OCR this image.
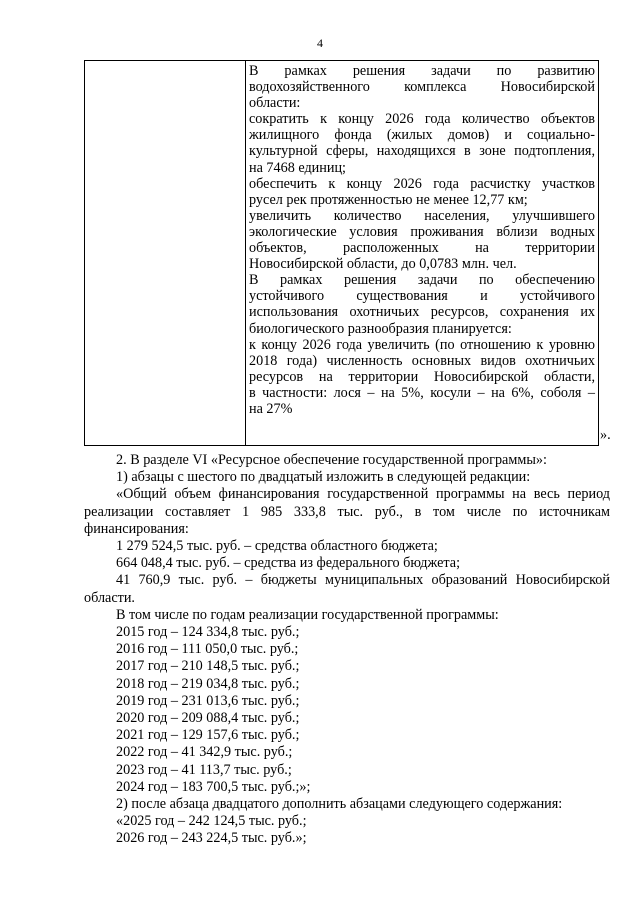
4

В рамках решения задачи по развитию

водохозяйственного комплекса Новосибирской

области:

сократить к концу 2026 года количество объектов

жилищного фонда (жилых домов) и социально-

культурной сферы, находящихся в зоне подтопления,

на 7468 единиц;

обеспечить к концу 2026 года расчистку участков

русел рек протяженностью не менее 12,77 км;

увеличить количество населения, улучшившего

экологические условия проживания вблизи водных

объектов, расположенных на территории

Новосибирской области, до 0,0783 млн. чел.

В рамках решения задачи по обеспечению

устойчивого существования и устойчивого

использования охотничьих ресурсов, сохранения их

биологического разнообразия планируется:

к концу 2026 года увеличить (по отношению к уровню

2018 года) численность основных видов охотничьих

ресурсов на территории Новосибирской области,

в частности: лося – на 5%, косули – на 6%, соболя –

на 27%

».

2. В разделе VI «Ресурсное обеспечение государственной программы»:

1) абзацы с шестого по двадцатый изложить в следующей редакции:

«Общий объем финансирования государственной программы на весь период

реализации составляет 1 985 333,8 тыс. руб., в том числе по источникам

финансирования:

1 279 524,5 тыс. руб. – средства областного бюджета;

664 048,4 тыс. руб. – средства из федерального бюджета;

41 760,9 тыс. руб. – бюджеты муниципальных образований Новосибирской

области.

В том числе по годам реализации государственной программы:

2015 год – 124 334,8 тыс. руб.;

2016 год – 111 050,0 тыс. руб.;

2017 год – 210 148,5 тыс. руб.;

2018 год – 219 034,8 тыс. руб.;

2019 год – 231 013,6 тыс. руб.;

2020 год – 209 088,4 тыс. руб.;

2021 год – 129 157,6 тыс. руб.;

2022 год – 41 342,9 тыс. руб.;

2023 год – 41 113,7 тыс. руб.;

2024 год – 183 700,5 тыс. руб.;»;

2) после абзаца двадцатого дополнить абзацами следующего содержания:

«2025 год – 242 124,5 тыс. руб.;

2026 год – 243 224,5 тыс. руб.»;
